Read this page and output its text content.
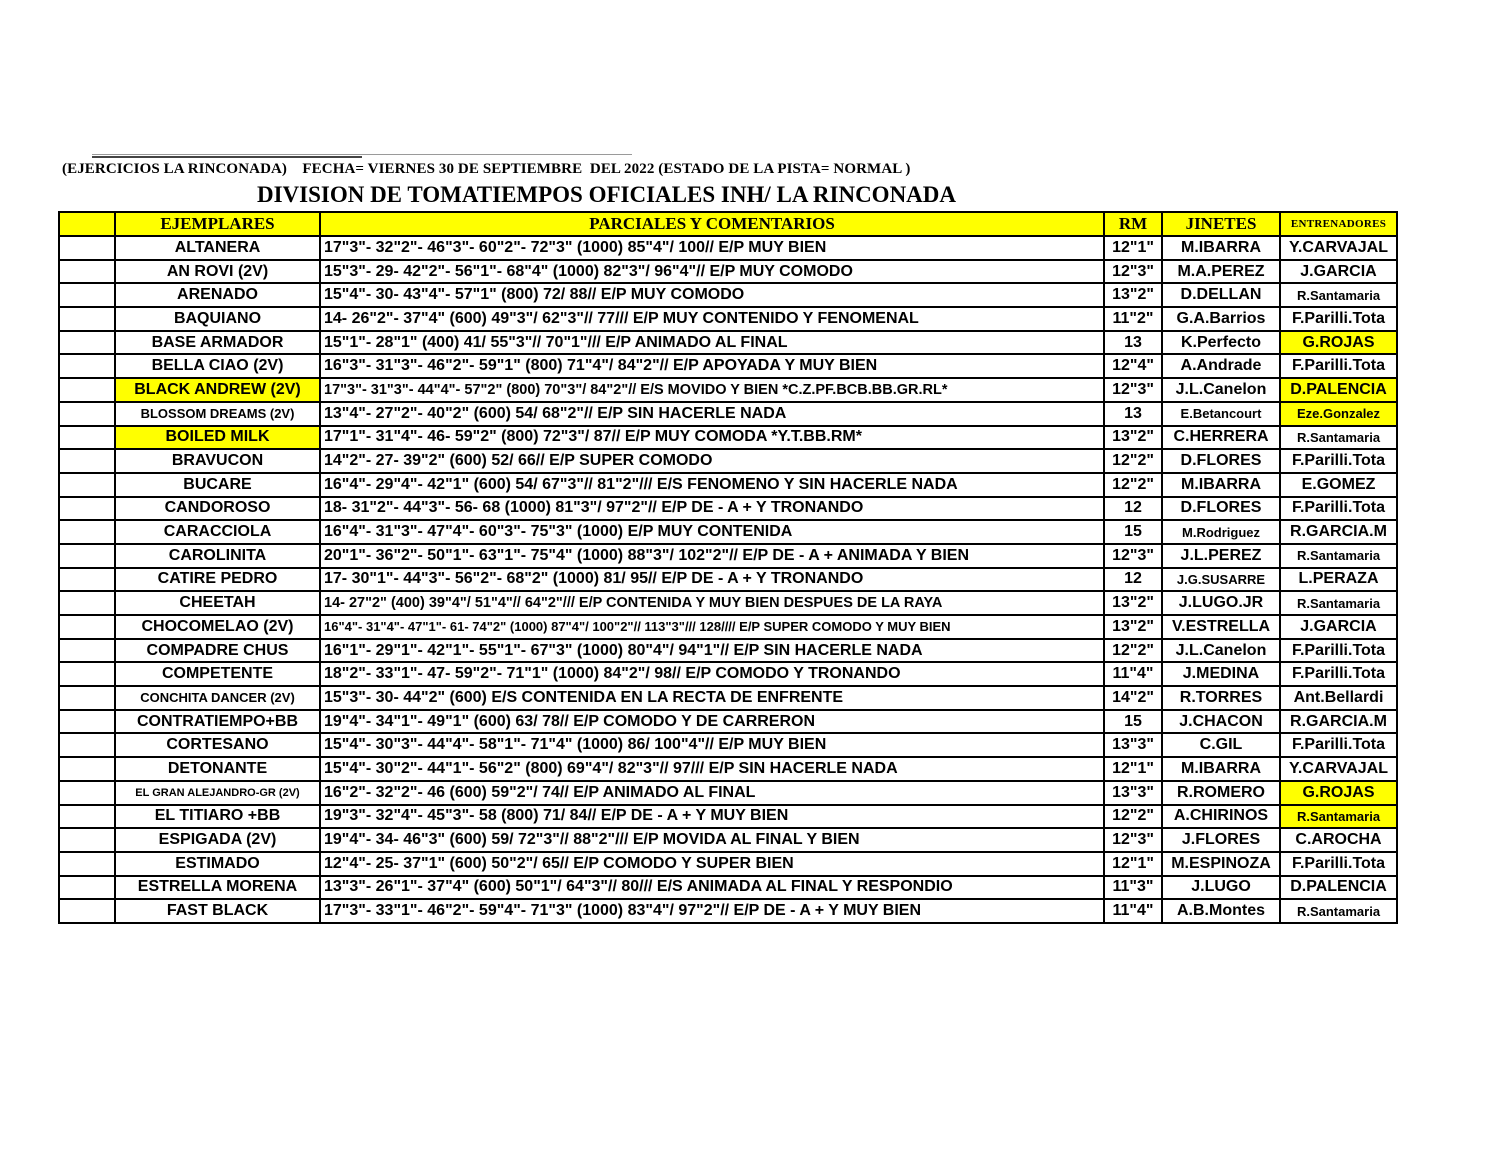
(EJERCICIOS LA RINCONADA)    FECHA= VIERNES 30 DE SEPTIEMBRE  DEL 2022 (ESTADO DE LA PISTA= NORMAL )
DIVISION DE TOMATIEMPOS OFICIALES INH/ LA RINCONADA
	EJEMPLARES	PARCIALES Y COMENTARIOS	RM	JINETES	ENTRENADORES
	ALTANERA	17"3"- 32"2"- 46"3"- 60"2"- 72"3" (1000) 85"4"/ 100// E/P MUY BIEN	12"1"	M.IBARRA	Y.CARVAJAL
	AN ROVI (2V)	15"3"- 29- 42"2"- 56"1"- 68"4" (1000) 82"3"/ 96"4"// E/P MUY COMODO	12"3"	M.A.PEREZ	J.GARCIA
	ARENADO	15"4"- 30- 43"4"- 57"1" (800) 72/ 88// E/P MUY COMODO	13"2"	D.DELLAN	R.Santamaria
	BAQUIANO	14- 26"2"- 37"4" (600) 49"3"/ 62"3"// 77/// E/P MUY CONTENIDO Y FENOMENAL	11"2"	G.A.Barrios	F.Parilli.Tota
	BASE ARMADOR	15"1"- 28"1" (400) 41/ 55"3"// 70"1"/// E/P ANIMADO AL FINAL	13	K.Perfecto	G.ROJAS
	BELLA CIAO (2V)	16"3"- 31"3"- 46"2"- 59"1" (800) 71"4"/ 84"2"// E/P APOYADA Y MUY BIEN	12"4"	A.Andrade	F.Parilli.Tota
	BLACK ANDREW (2V)	17"3"- 31"3"- 44"4"- 57"2" (800) 70"3"/ 84"2"// E/S MOVIDO Y BIEN *C.Z.PF.BCB.BB.GR.RL*	12"3"	J.L.Canelon	D.PALENCIA
	BLOSSOM DREAMS (2V)	13"4"- 27"2"- 40"2" (600) 54/ 68"2"// E/P SIN HACERLE NADA	13	E.Betancourt	Eze.Gonzalez
	BOILED MILK	17"1"- 31"4"- 46- 59"2" (800) 72"3"/ 87// E/P MUY COMODA *Y.T.BB.RM*	13"2"	C.HERRERA	R.Santamaria
	BRAVUCON	14"2"- 27- 39"2" (600) 52/ 66// E/P SUPER COMODO	12"2"	D.FLORES	F.Parilli.Tota
	BUCARE	16"4"- 29"4"- 42"1" (600) 54/ 67"3"// 81"2"/// E/S FENOMENO Y SIN HACERLE NADA	12"2"	M.IBARRA	E.GOMEZ
	CANDOROSO	18- 31"2"- 44"3"- 56- 68 (1000) 81"3"/ 97"2"// E/P DE - A + Y TRONANDO	12	D.FLORES	F.Parilli.Tota
	CARACCIOLA	16"4"- 31"3"- 47"4"- 60"3"- 75"3" (1000) E/P MUY CONTENIDA	15	M.Rodriguez	R.GARCIA.M
	CAROLINITA	20"1"- 36"2"- 50"1"- 63"1"- 75"4" (1000) 88"3"/ 102"2"// E/P DE - A + ANIMADA Y BIEN	12"3"	J.L.PEREZ	R.Santamaria
	CATIRE PEDRO	17- 30"1"- 44"3"- 56"2"- 68"2" (1000) 81/ 95// E/P DE - A + Y TRONANDO	12	J.G.SUSARRE	L.PERAZA
	CHEETAH	14- 27"2" (400) 39"4"/ 51"4"// 64"2"/// E/P CONTENIDA Y MUY BIEN DESPUES DE LA RAYA	13"2"	J.LUGO.JR	R.Santamaria
	CHOCOMELAO (2V)	16"4"- 31"4"- 47"1"- 61- 74"2" (1000) 87"4"/ 100"2"// 113"3"/// 128//// E/P SUPER COMODO Y MUY BIEN	13"2"	V.ESTRELLA	J.GARCIA
	COMPADRE CHUS	16"1"- 29"1"- 42"1"- 55"1"- 67"3" (1000) 80"4"/ 94"1"// E/P SIN HACERLE NADA	12"2"	J.L.Canelon	F.Parilli.Tota
	COMPETENTE	18"2"- 33"1"- 47- 59"2"- 71"1" (1000) 84"2"/ 98// E/P COMODO Y TRONANDO	11"4"	J.MEDINA	F.Parilli.Tota
	CONCHITA DANCER (2V)	15"3"- 30- 44"2" (600) E/S CONTENIDA EN LA RECTA DE ENFRENTE	14"2"	R.TORRES	Ant.Bellardi
	CONTRATIEMPO+BB	19"4"- 34"1"- 49"1" (600) 63/ 78// E/P COMODO Y DE CARRERON	15	J.CHACON	R.GARCIA.M
	CORTESANO	15"4"- 30"3"- 44"4"- 58"1"- 71"4" (1000) 86/ 100"4"// E/P MUY BIEN	13"3"	C.GIL	F.Parilli.Tota
	DETONANTE	15"4"- 30"2"- 44"1"- 56"2" (800) 69"4"/ 82"3"// 97/// E/P SIN HACERLE NADA	12"1"	M.IBARRA	Y.CARVAJAL
	EL GRAN ALEJANDRO-GR (2V)	16"2"- 32"2"- 46 (600) 59"2"/ 74// E/P ANIMADO AL FINAL	13"3"	R.ROMERO	G.ROJAS
	EL TITIARO +BB	19"3"- 32"4"- 45"3"- 58 (800) 71/ 84// E/P DE - A + Y MUY BIEN	12"2"	A.CHIRINOS	R.Santamaria
	ESPIGADA (2V)	19"4"- 34- 46"3" (600) 59/ 72"3"// 88"2"/// E/P MOVIDA AL FINAL Y BIEN	12"3"	J.FLORES	C.AROCHA
	ESTIMADO	12"4"- 25- 37"1" (600) 50"2"/ 65// E/P COMODO Y SUPER BIEN	12"1"	M.ESPINOZA	F.Parilli.Tota
	ESTRELLA MORENA	13"3"- 26"1"- 37"4" (600) 50"1"/ 64"3"// 80/// E/S ANIMADA AL FINAL Y RESPONDIO	11"3"	J.LUGO	D.PALENCIA
	FAST BLACK	17"3"- 33"1"- 46"2"- 59"4"- 71"3" (1000) 83"4"/ 97"2"// E/P DE - A + Y MUY BIEN	11"4"	A.B.Montes	R.Santamaria
